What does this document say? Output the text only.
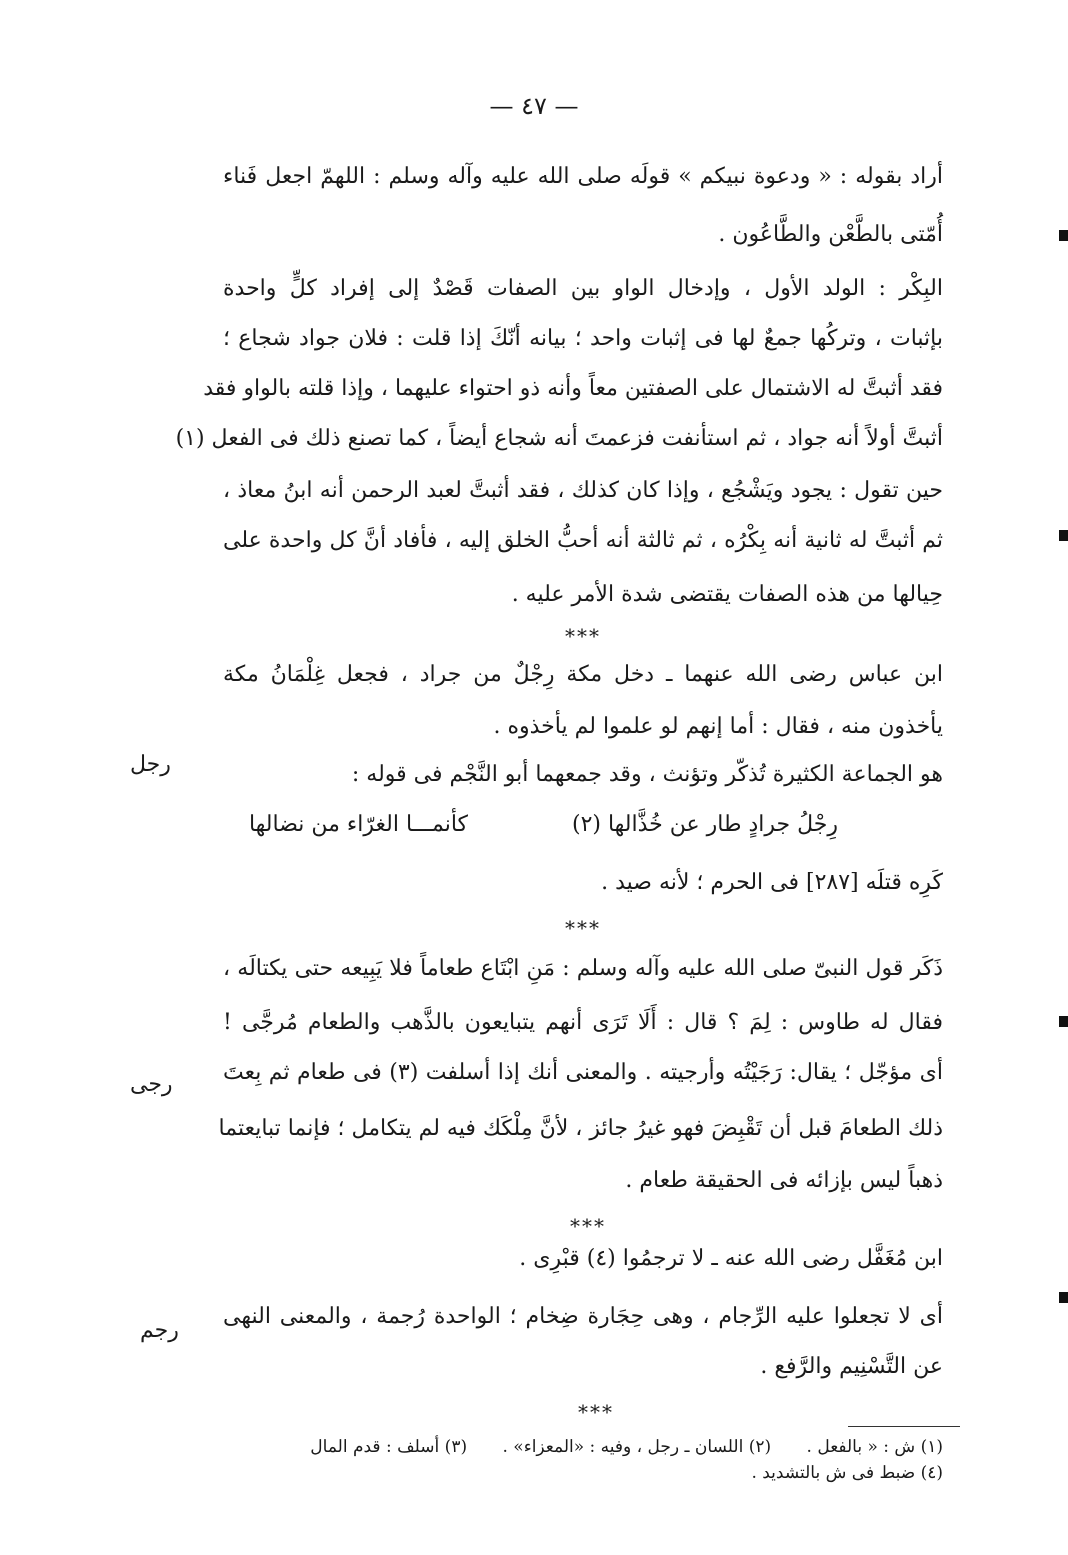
— ٤٧ —
أراد بقوله : « ودعوة نبيكم » قولَه صلى الله عليه وآله وسلم : اللهمّ اجعل فَناء
أُمّتى بالطَّعْن والطَّاعُون .
البِكْر : الولد الأول ، وإدخال الواو بين الصفات قَصْدٌ إلى إفراد كلٍّ واحدة
بإثبات ، وتركُها جمعٌ لها فى إثبات واحد ؛ بيانه أنّكَ إذا قلت : فلان جواد شجاع ؛
فقد أثبتَّ له الاشتمال على الصفتين معاً وأنه ذو احتواء عليهما ، وإذا قلته بالواو فقد
أثبتَّ أولاً أنه جواد ، ثم استأنفت فزعمتَ أنه شجاع أيضاً ، كما تصنع ذلك فى الفعل (١)
حين تقول : يجود ويَشْجُع ، وإذا كان كذلك ، فقد أثبتَّ لعبد الرحمن أنه ابنُ معاذ ،
ثم أثبتَّ له ثانية أنه بِكْرُه ، ثم ثالثة أنه أحبُّ الخلق إليه ، فأفاد أنَّ كل واحدة على
حِيالها من هذه الصفات يقتضى شدة الأمر عليه .
***
ابن عباس رضى الله عنهما ـ دخل مكة رِجْلٌ من جراد ، فجعل غِلْمَانُ مكة
يأخذون منه ، فقال : أما إنهم لو علموا لم يأخذوه .
رجل	هو الجماعة الكثيرة تُذكّر وتؤنث ، وقد جمعهما أبو النَّجْم فى قوله :
كأنمـــا الغرّاء من نضالها	رِجْلُ جرادٍ طار عن خُذَّالها (٢)
كَرِه قتلَه [٢٨٧] فى الحرم ؛ لأنه صيد .
***
ذَكَر قول النبىّ صلى الله عليه وآله وسلم : مَنِ ابْتَاع طعاماً فلا يَبِيعه حتى يكتالَه ،
فقال له طاوس : لِمَ ؟ قال : أَلَا تَرَى أنهم يتبايعون بالذَّهب والطعام مُرجَّى !
رجى أى مؤجّل ؛ يقال: رَجَيْتُه وأرجيته . والمعنى أنك إذا أسلفت (٣) فى طعام ثم بِعتَ
ذلك الطعامَ قبل أن تَقْبِضَ فهو غيرُ جائز ، لأنَّ مِلْكَك فيه لم يتكامل ؛ فإنما تبايعتما
ذهباً ليس بإزائه فى الحقيقة طعام .
***
ابن مُغَفَّل رضى الله عنه ـ لا ترجمُوا (٤) قبْرِى .
رجم
أى لا تجعلوا عليه الرِّجام ، وهى حِجَارة ضِخام ؛ الواحدة رُجمة ، والمعنى النهى
عن التَّسْنِيم والرَّفع .
***
(١) ش : « بالفعل . (٢) اللسان ـ رجل ، وفيه : «المعزاء» . (٣) أسلف : قدم المال
(٤) ضبط فى ش بالتشديد .
